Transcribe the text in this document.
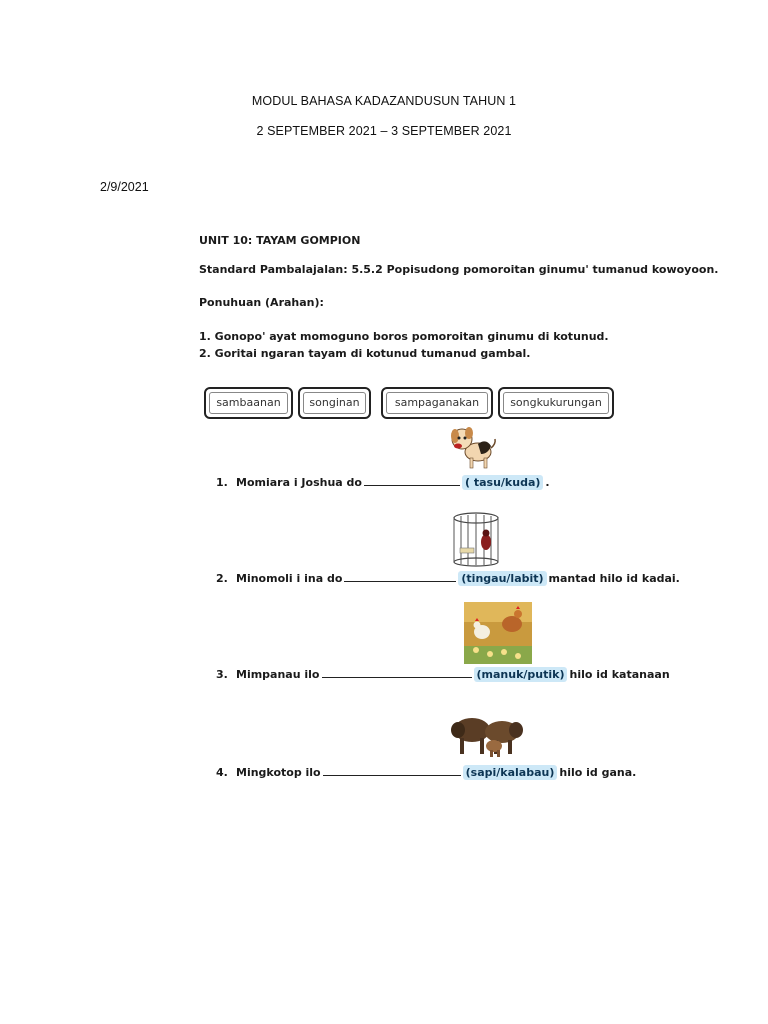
MODUL BAHASA KADAZANDUSUN TAHUN 1
2 SEPTEMBER 2021 – 3 SEPTEMBER 2021
2/9/2021
UNIT 10: TAYAM GOMPION
Standard Pambalajalan: 5.5.2 Popisudong pomoroitan ginumu' tumanud kowoyoon.
Ponuhuan (Arahan):
1. Gonopo' ayat momoguno boros pomoroitan ginumu di kotunud.
2. Goritai ngaran tayam di kotunud tumanud gambal.
sambaanan	songinan	sampaganakan	songkukurungan
1. Momiara i Joshua do	( tasu/kuda) .
2. Minomoli i ina do	(tingau/labit) mantad hilo id kadai.
3. Mimpanau ilo	(manuk/putik) hilo id katanaan
4. Mingkotop ilo	(sapi/kalabau) hilo id gana.
